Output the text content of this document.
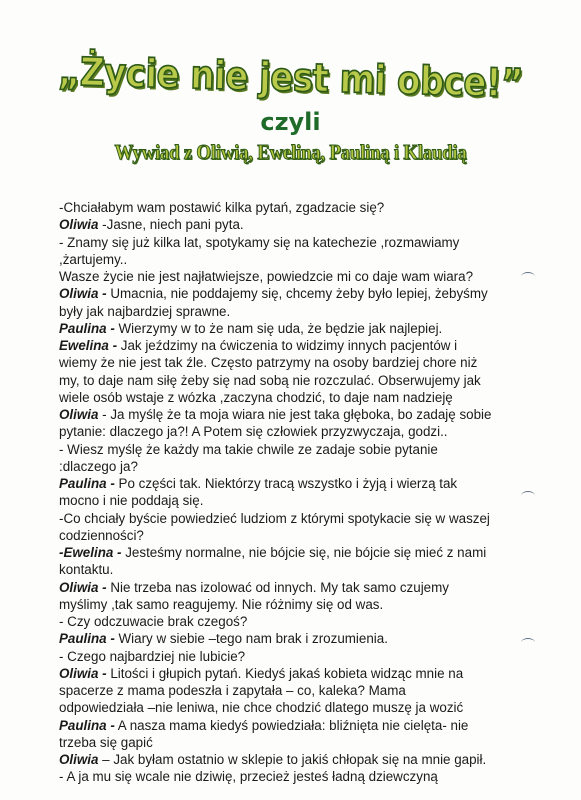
„Życie nie jest mi obce!”
czyli
Wywiad z Oliwią, Eweliną, Pauliną i Klaudią
-Chciałabym wam postawić kilka pytań, zgadzacie się?
Oliwia -Jasne, niech pani pyta.
- Znamy się już kilka lat, spotykamy się na katechezie ,rozmawiamy
,żartujemy..
Wasze życie nie jest najłatwiejsze, powiedzcie mi co daje wam wiara?
Oliwia - Umacnia, nie poddajemy się, chcemy żeby było lepiej, żebyśmy
były jak najbardziej sprawne.
Paulina - Wierzymy w to że nam się uda, że będzie jak najlepiej.
Ewelina - Jak jeździmy na ćwiczenia to widzimy innych pacjentów i
wiemy że nie jest tak źle. Często patrzymy na osoby bardziej chore niż
my, to daje nam siłę żeby się nad sobą nie rozczulać. Obserwujemy jak
wiele osób wstaje z wózka ,zaczyna chodzić, to daje nam nadzieję
Oliwia - Ja myślę że ta moja wiara nie jest taka głęboka, bo zadaję sobie
pytanie: dlaczego ja?! A Potem się człowiek przyzwyczaja, godzi..
- Wiesz myślę że każdy ma takie chwile ze zadaje sobie pytanie
:dlaczego ja?
Paulina - Po części tak. Niektórzy tracą wszystko i żyją i wierzą tak
mocno i nie poddają się.
-Co chciały byście powiedzieć ludziom z którymi spotykacie się w waszej
codzienności?
-Ewelina - Jesteśmy normalne, nie bójcie się, nie bójcie się mieć z nami
kontaktu.
Oliwia - Nie trzeba nas izolować od innych. My tak samo czujemy
myślimy ,tak samo reagujemy. Nie różnimy się od was.
- Czy odczuwacie brak czegoś?
Paulina - Wiary w siebie –tego nam brak i zrozumienia.
- Czego najbardziej nie lubicie?
Oliwia - Litości i głupich pytań. Kiedyś jakaś kobieta widząc mnie na
spacerze z mama podeszła i zapytała – co, kaleka? Mama
odpowiedziała –nie leniwa, nie chce chodzić dlatego muszę ja wozić
Paulina - A nasza mama kiedyś powiedziała: bliźnięta nie cielęta- nie
trzeba się gapić
Oliwia – Jak byłam ostatnio w sklepie to jakiś chłopak się na mnie gapił.
- A ja mu się wcale nie dziwię, przecież jesteś ładną dziewczyną
